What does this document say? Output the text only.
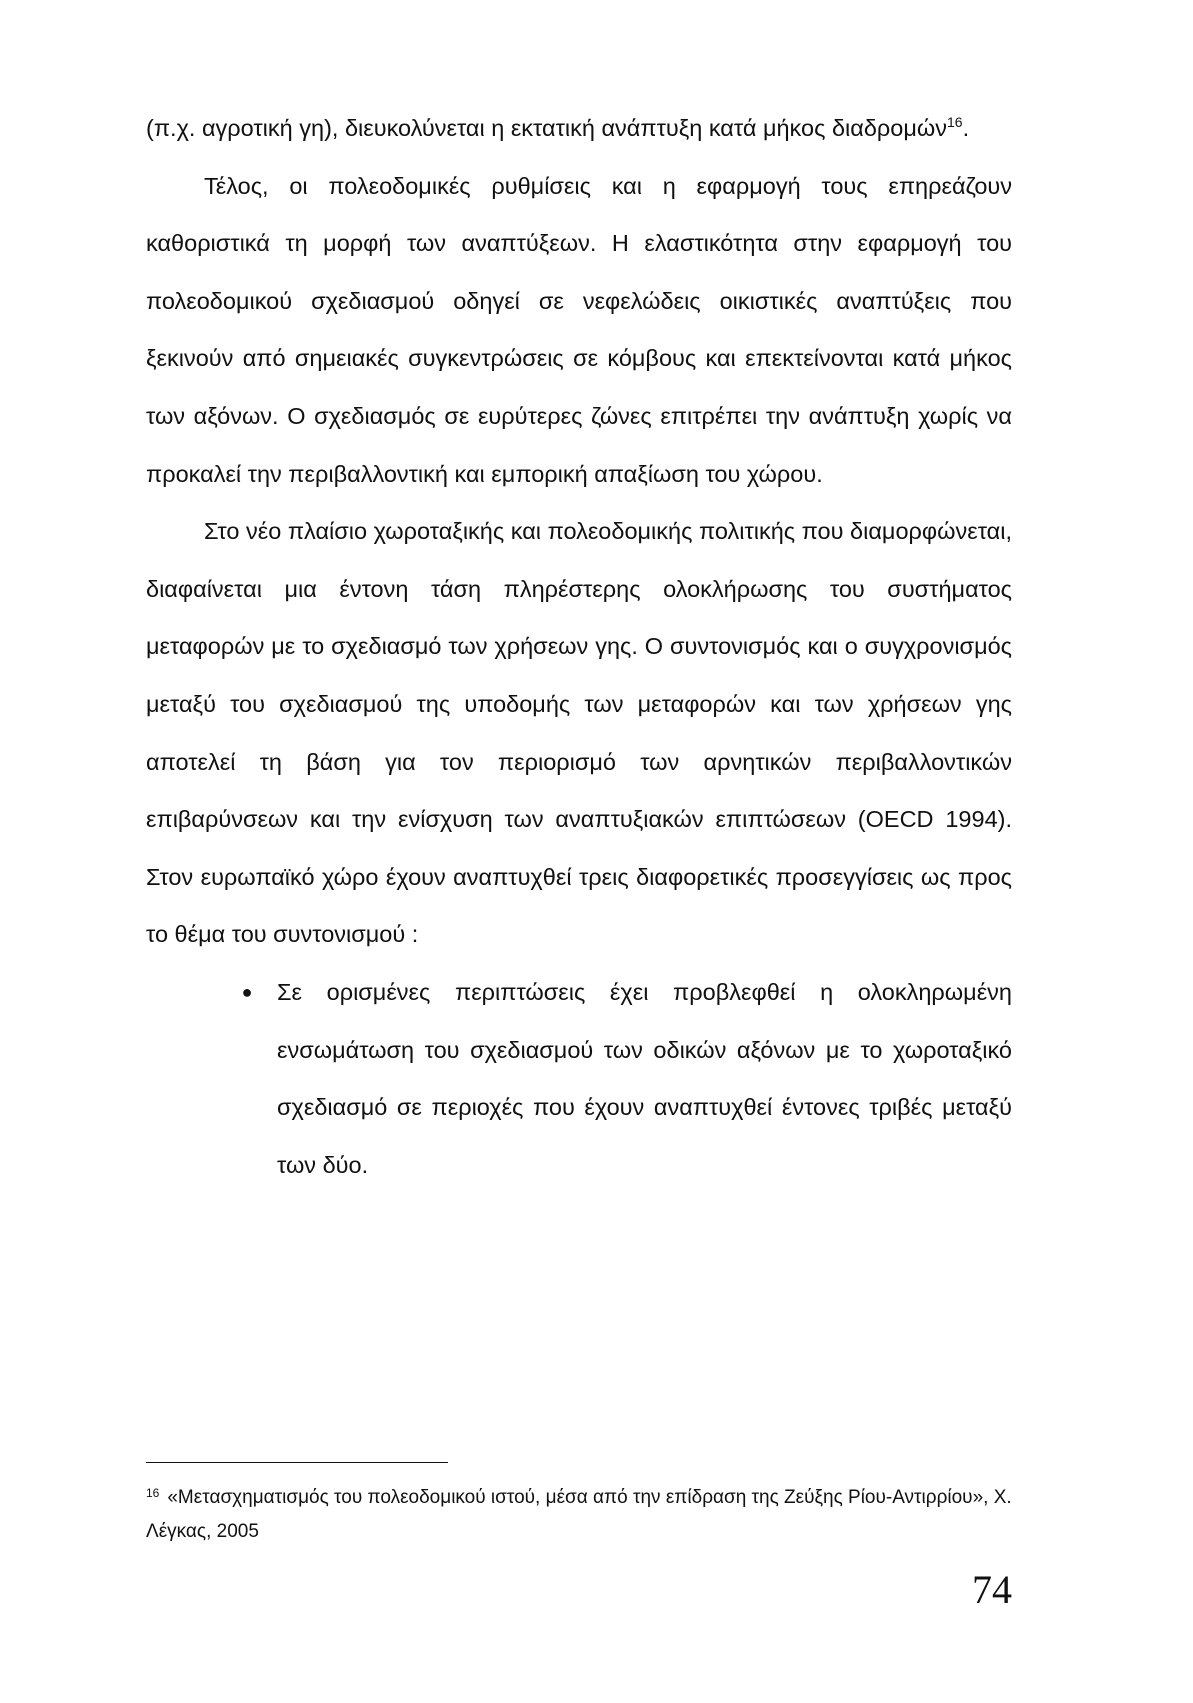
(π.χ. αγροτική γη), διευκολύνεται η εκτατική ανάπτυξη κατά μήκος διαδρομών$^{16}$.

Τέλος, οι πολεοδομικές ρυθμίσεις και η εφαρμογή τους επηρεάζουν καθοριστικά τη μορφή των αναπτύξεων. Η ελαστικότητα στην εφαρμογή του πολεοδομικού σχεδιασμού οδηγεί σε νεφελώδεις οικιστικές αναπτύξεις που ξεκινούν από σημειακές συγκεντρώσεις σε κόμβους και επεκτείνονται κατά μήκος των αξόνων. Ο σχεδιασμός σε ευρύτερες ζώνες επιτρέπει την ανάπτυξη χωρίς να προκαλεί την περιβαλλοντική και εμπορική απαξίωση του χώρου.

Στο νέο πλαίσιο χωροταξικής και πολεοδομικής πολιτικής που διαμορφώνεται, διαφαίνεται μια έντονη τάση πληρέστερης ολοκλήρωσης του συστήματος μεταφορών με το σχεδιασμό των χρήσεων γης. Ο συντονισμός και ο συγχρονισμός μεταξύ του σχεδιασμού της υποδομής των μεταφορών και των χρήσεων γης αποτελεί τη βάση για τον περιορισμό των αρνητικών περιβαλλοντικών επιβαρύνσεων και την ενίσχυση των αναπτυξιακών επιπτώσεων (OECD 1994). Στον ευρωπαϊκό χώρο έχουν αναπτυχθεί τρεις διαφορετικές προσεγγίσεις ως προς το θέμα του συντονισμού :

● Σε ορισμένες περιπτώσεις έχει προβλεφθεί η ολοκληρωμένη ενσωμάτωση του σχεδιασμού των οδικών αξόνων με το χωροταξικό σχεδιασμό σε περιοχές που έχουν αναπτυχθεί έντονες τριβές μεταξύ των δύο.
$^{16}$ «Μετασχηματισμός του πολεοδομικού ιστού, μέσα από την επίδραση της Ζεύξης Ρίου-Αντιρρίου», Χ. Λέγκας, 2005
74
